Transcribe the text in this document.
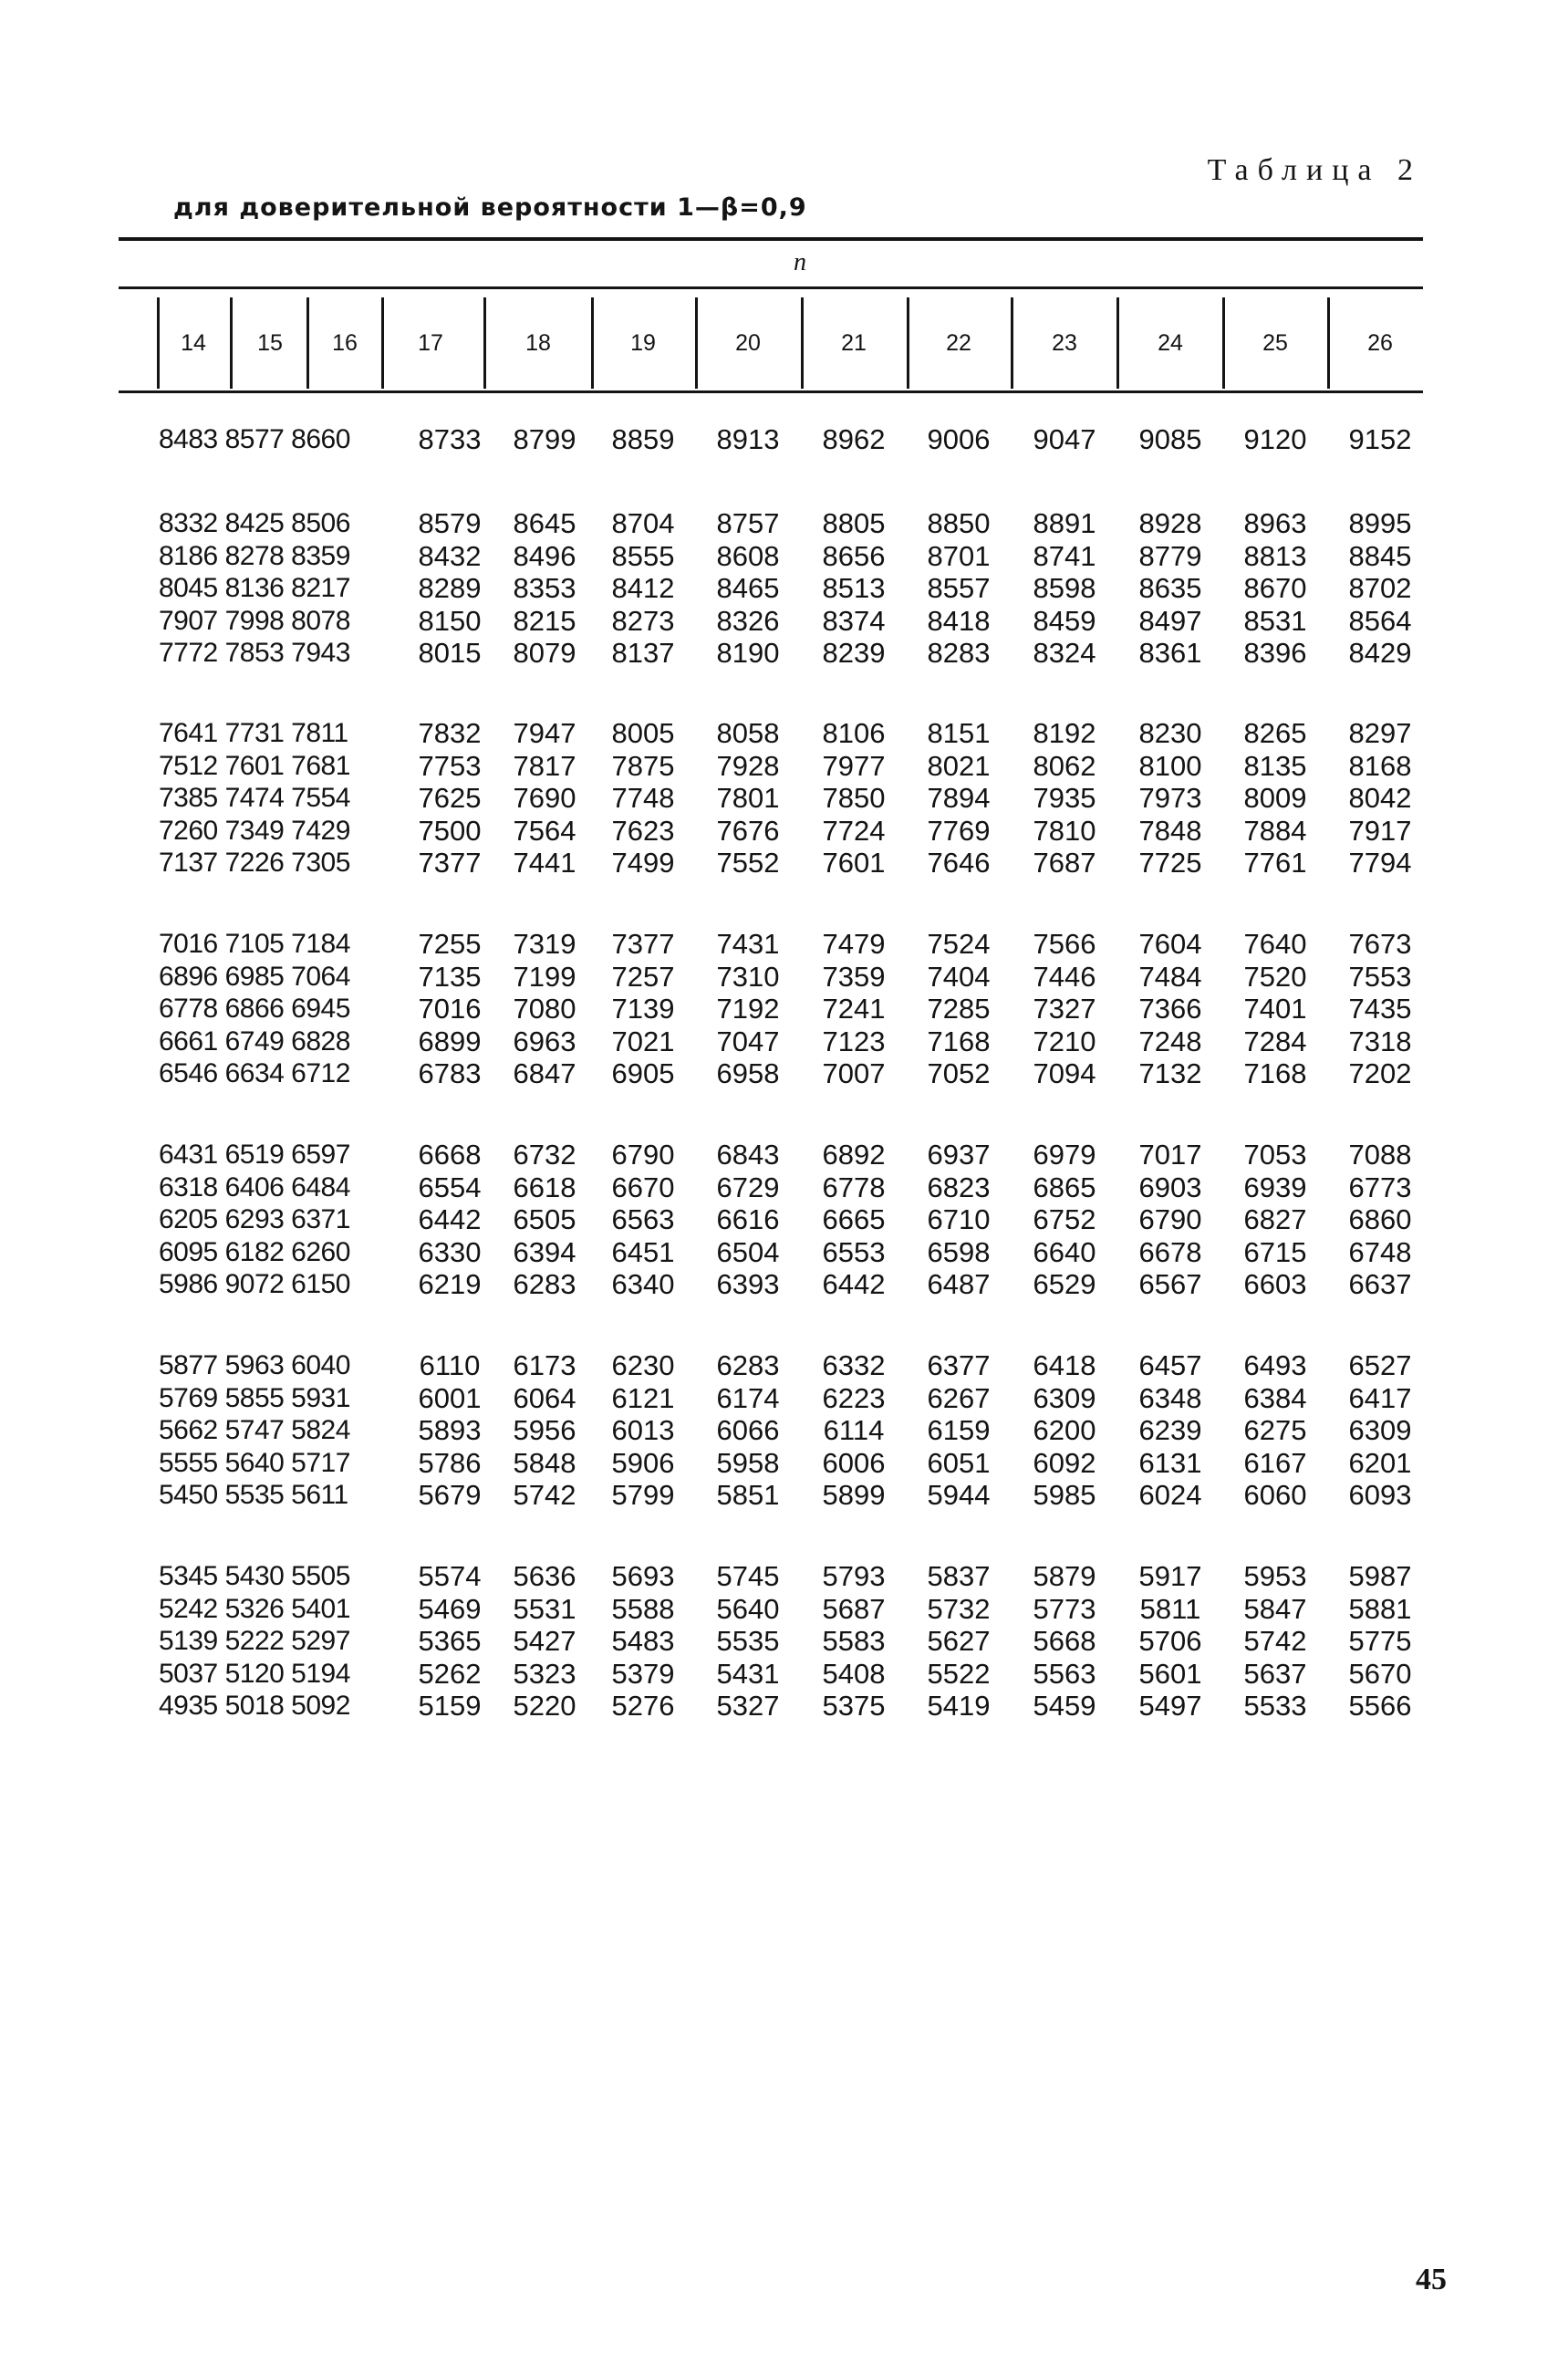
Таблица 2
для доверительной вероятности 1—β=0,9
n
14	15	16	17	18	19	20	21	22	23	24	25	26
8483 8577 8660 8733 8799 8859 8913 8962 9006 9047 9085 9120 9152
8332 8425 8506 8579 8645 8704 8757 8805 8850 8891 8928 8963 8995
8186 8278 8359 8432 8496 8555 8608 8656 8701 8741 8779 8813 8845
8045 8136 8217 8289 8353 8412 8465 8513 8557 8598 8635 8670 8702
7907 7998 8078 8150 8215 8273 8326 8374 8418 8459 8497 8531 8564
7772 7853 7943 8015 8079 8137 8190 8239 8283 8324 8361 8396 8429
7641 7731 7811 7832 7947 8005 8058 8106 8151 8192 8230 8265 8297
7512 7601 7681 7753 7817 7875 7928 7977 8021 8062 8100 8135 8168
7385 7474 7554 7625 7690 7748 7801 7850 7894 7935 7973 8009 8042
7260 7349 7429 7500 7564 7623 7676 7724 7769 7810 7848 7884 7917
7137 7226 7305 7377 7441 7499 7552 7601 7646 7687 7725 7761 7794
7016 7105 7184 7255 7319 7377 7431 7479 7524 7566 7604 7640 7673
6896 6985 7064 7135 7199 7257 7310 7359 7404 7446 7484 7520 7553
6778 6866 6945 7016 7080 7139 7192 7241 7285 7327 7366 7401 7435
6661 6749 6828 6899 6963 7021 7047 7123 7168 7210 7248 7284 7318
6546 6634 6712 6783 6847 6905 6958 7007 7052 7094 7132 7168 7202
6431 6519 6597 6668 6732 6790 6843 6892 6937 6979 7017 7053 7088
6318 6406 6484 6554 6618 6670 6729 6778 6823 6865 6903 6939 6773
6205 6293 6371 6442 6505 6563 6616 6665 6710 6752 6790 6827 6860
6095 6182 6260 6330 6394 6451 6504 6553 6598 6640 6678 6715 6748
5986 9072 6150 6219 6283 6340 6393 6442 6487 6529 6567 6603 6637
5877 5963 6040 6110 6173 6230 6283 6332 6377 6418 6457 6493 6527
5769 5855 5931 6001 6064 6121 6174 6223 6267 6309 6348 6384 6417
5662 5747 5824 5893 5956 6013 6066 6114 6159 6200 6239 6275 6309
5555 5640 5717 5786 5848 5906 5958 6006 6051 6092 6131 6167 6201
5450 5535 5611 5679 5742 5799 5851 5899 5944 5985 6024 6060 6093
5345 5430 5505 5574 5636 5693 5745 5793 5837 5879 5917 5953 5987
5242 5326 5401 5469 5531 5588 5640 5687 5732 5773 5811 5847 5881
5139 5222 5297 5365 5427 5483 5535 5583 5627 5668 5706 5742 5775
5037 5120 5194 5262 5323 5379 5431 5408 5522 5563 5601 5637 5670
4935 5018 5092 5159 5220 5276 5327 5375 5419 5459 5497 5533 5566
45
